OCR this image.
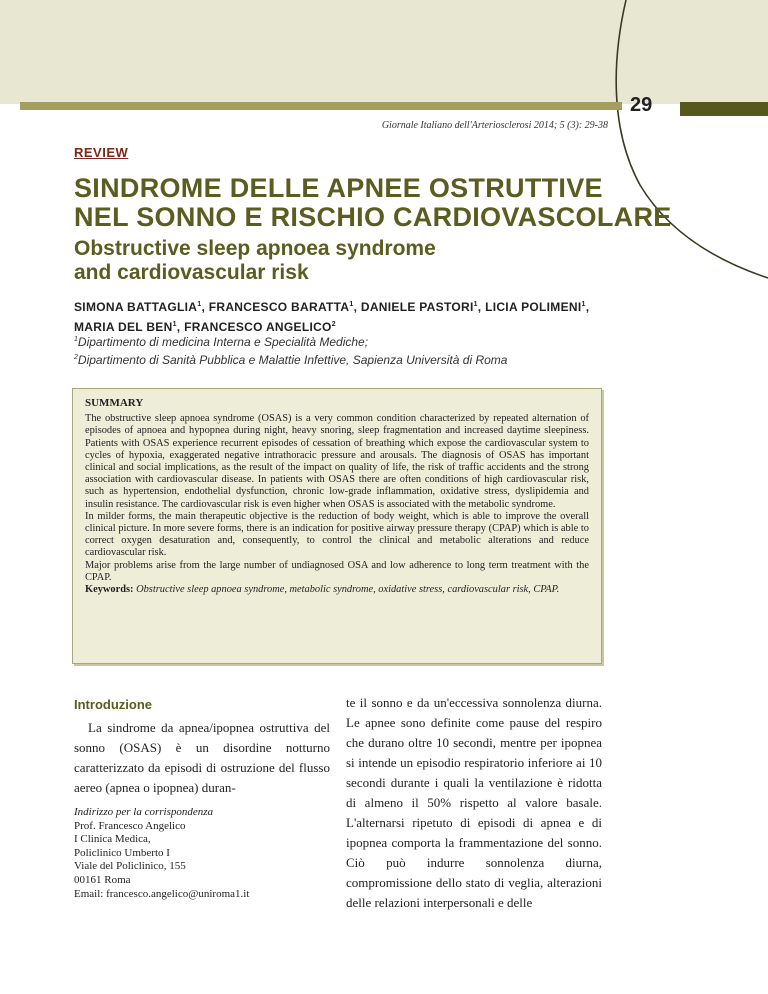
29
Giornale Italiano dell'Arteriosclerosi 2014; 5 (3): 29-38
REVIEW
SINDROME DELLE APNEE OSTRUTTIVE
NEL SONNO E RISCHIO CARDIOVASCOLARE
Obstructive sleep apnoea syndrome
and cardiovascular risk
SIMONA BATTAGLIA$^1$, FRANCESCO BARATTA$^1$, DANIELE PASTORI$^1$, LICIA POLIMENI$^1$,
MARIA DEL BEN$^1$, FRANCESCO ANGELICO$^2$
$^1$Dipartimento di medicina Interna e Specialità Mediche;
$^2$Dipartimento di Sanità Pubblica e Malattie Infettive, Sapienza Università di Roma
SUMMARY

The obstructive sleep apnoea syndrome (OSAS) is a very common condition characterized by repeated alternation of episodes of apnoea and hypopnea during night, heavy snoring, sleep fragmentation and increased daytime sleepiness. Patients with OSAS experience recurrent episodes of cessation of breathing which expose the cardiovascular system to cycles of hypoxia, exaggerated negative intrathoracic pressure and arousals. The diagnosis of OSAS has important clinical and social implications, as the result of the impact on quality of life, the risk of traffic accidents and the strong association with cardiovascular disease. In patients with OSAS there are often conditions of high cardiovascular risk, such as hypertension, endothelial dysfunction, chronic low-grade inflammation, oxidative stress, dyslipidemia and insulin resistance. The cardiovascular risk is even higher when OSAS is associated with the metabolic syndrome.

In milder forms, the main therapeutic objective is the reduction of body weight, which is able to improve the overall clinical picture. In more severe forms, there is an indication for positive airway pressure therapy (CPAP) which is able to correct oxygen desaturation and, consequently, to control the clinical and metabolic alterations and reduce cardiovascular risk.

Major problems arise from the large number of undiagnosed OSA and low adherence to long term treatment with the CPAP.

Keywords: Obstructive sleep apnoea syndrome, metabolic syndrome, oxidative stress, cardiovascular risk, CPAP.

Introduzione
La sindrome da apnea/ipopnea ostruttiva del sonno (OSAS) è un disordine notturno caratterizzato da episodi di ostruzione del flusso aereo (apnea o ipopnea) duran-
Indirizzo per la corrispondenza
Prof. Francesco Angelico
I Clinica Medica,
Policlinico Umberto I
Viale del Policlinico, 155
00161 Roma
Email: francesco.angelico@uniroma1.it
te il sonno e da un'eccessiva sonnolenza diurna. Le apnee sono definite come pause del respiro che durano oltre 10 secondi, mentre per ipopnea si intende un episodio respiratorio inferiore ai 10 secondi durante i quali la ventilazione è ridotta di almeno il 50% rispetto al valore basale. L'alternarsi ripetuto di episodi di apnea e di ipopnea comporta la frammentazione del sonno. Ciò può indurre sonnolenza diurna, compromissione dello stato di veglia, alterazioni delle relazioni interpersonali e delle
